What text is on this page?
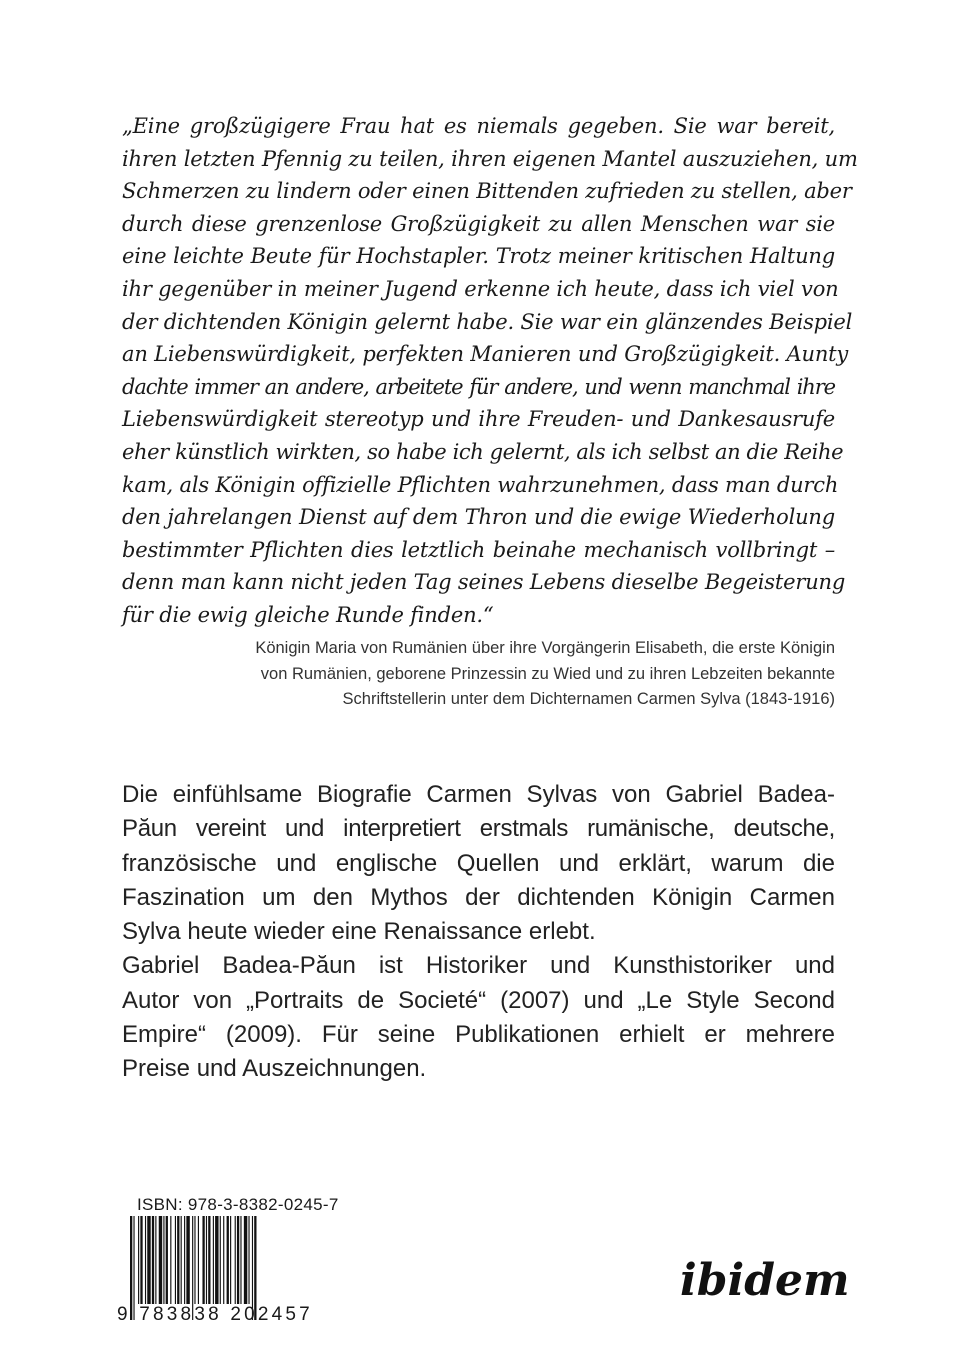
„Eine großzügigere Frau hat es niemals gegeben. Sie war bereit,
ihren letzten Pfennig zu teilen, ihren eigenen Mantel auszuziehen, um
Schmerzen zu lindern oder einen Bittenden zufrieden zu stellen, aber
durch diese grenzenlose Großzügigkeit zu allen Menschen war sie
eine leichte Beute für Hochstapler. Trotz meiner kritischen Haltung
ihr gegenüber in meiner Jugend erkenne ich heute, dass ich viel von
der dichtenden Königin gelernt habe. Sie war ein glänzendes Beispiel
an Liebenswürdigkeit, perfekten Manieren und Großzügigkeit. Aunty
dachte immer an andere, arbeitete für andere, und wenn manchmal ihre
Liebenswürdigkeit stereotyp und ihre Freuden- und Dankesausrufe
eher künstlich wirkten, so habe ich gelernt, als ich selbst an die Reihe
kam, als Königin offizielle Pflichten wahrzunehmen, dass man durch
den jahrelangen Dienst auf dem Thron und die ewige Wiederholung
bestimmter Pflichten dies letztlich beinahe mechanisch vollbringt –
denn man kann nicht jeden Tag seines Lebens dieselbe Begeisterung
für die ewig gleiche Runde finden.“
Königin Maria von Rumänien über ihre Vorgängerin Elisabeth, die erste Königin
von Rumänien, geborene Prinzessin zu Wied und zu ihren Lebzeiten bekannte
Schriftstellerin unter dem Dichternamen Carmen Sylva (1843-1916)
Die einfühlsame Biografie Carmen Sylvas von Gabriel Badea-
Păun vereint und interpretiert erstmals rumänische, deutsche,
französische und englische Quellen und erklärt, warum die
Faszination um den Mythos der dichtenden Königin Carmen
Sylva heute wieder eine Renaissance erlebt.
Gabriel Badea-Păun ist Historiker und Kunsthistoriker und
Autor von „Portraits de Societé“ (2007) und „Le Style Second
Empire“ (2009). Für seine Publikationen erhielt er mehrere
Preise und Auszeichnungen.
ISBN: 978-3-8382-0245-7
9 783838 202457
ibidem
